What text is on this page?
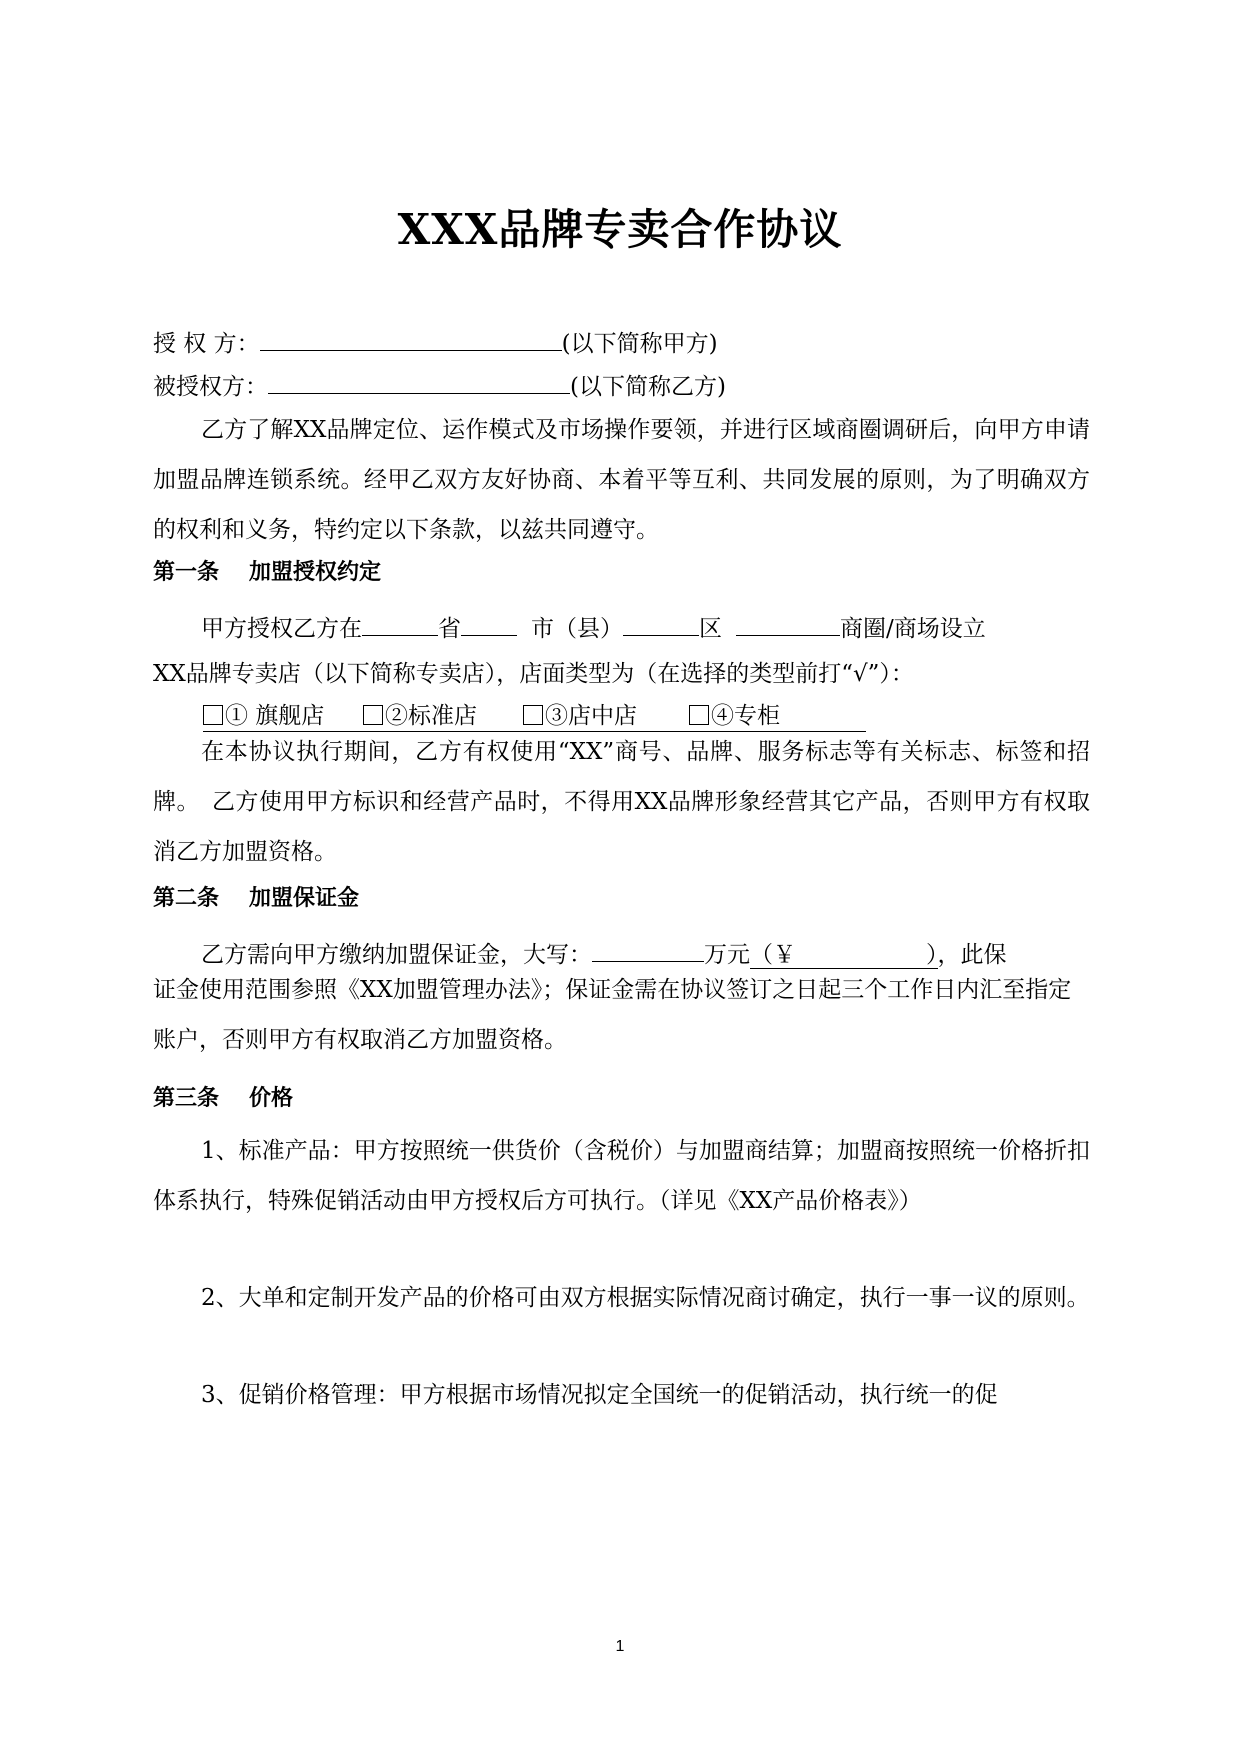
XXX品牌专卖合作协议
授 权 方：	(以下简称甲方)
被授权方：	(以下简称乙方)
乙方了解XX品牌定位、运作模式及市场操作要领，并进行区域商圈调研后，向甲方申请加盟品牌连锁系统。经甲乙双方友好协商、本着平等互利、共同发展的原则，为了明确双方的权利和义务，特约定以下条款，以兹共同遵守。
第一条 加盟授权约定
甲方授权乙方在	省	市（县）	区	商圈/商场设立
XX品牌专卖店（以下简称专卖店），店面类型为（在选择的类型前打“√”）：
① 旗舰店	②标准店	③店中店	④专柜
在本协议执行期间，乙方有权使用“XX”商号、品牌、服务标志等有关标志、标签和招牌。　乙方使用甲方标识和经营产品时，不得用XX品牌形象经营其它产品，否则甲方有权取消乙方加盟资格。
第二条 加盟保证金
乙方需向甲方缴纳加盟保证金，大写：	万元（￥	），此保
证金使用范围参照《XX加盟管理办法》；保证金需在协议签订之日起三个工作日内汇至指定账户，否则甲方有权取消乙方加盟资格。
第三条 价格
1、标准产品：甲方按照统一供货价（含税价）与加盟商结算；加盟商按照统一价格折扣体系执行，特殊促销活动由甲方授权后方可执行。（详见《XX产品价格表》）
2、大单和定制开发产品的价格可由双方根据实际情况商讨确定，执行一事一议的原则。
3、促销价格管理：甲方根据市场情况拟定全国统一的促销活动，执行统一的促
1
